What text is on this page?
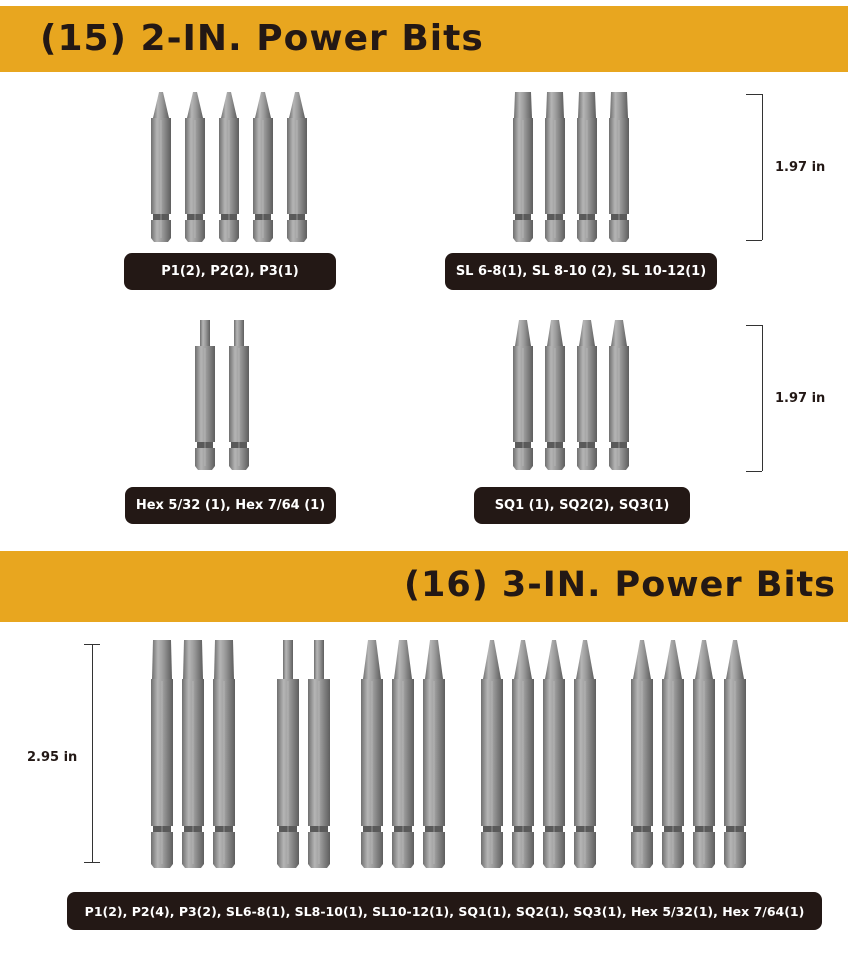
(15) 2-IN. Power Bits
P1(2), P2(2), P3(1)	SL 6-8(1), SL 8-10 (2), SL 10-12(1)
Hex 5/32 (1), Hex 7/64 (1)	SQ1 (1), SQ2(2), SQ3(1)
1.97 in
1.97 in
(16) 3-IN. Power Bits
2.95 in
P1(2), P2(4), P3(2), SL6-8(1), SL8-10(1), SL10-12(1), SQ1(1), SQ2(1), SQ3(1), Hex 5/32(1), Hex 7/64(1)
